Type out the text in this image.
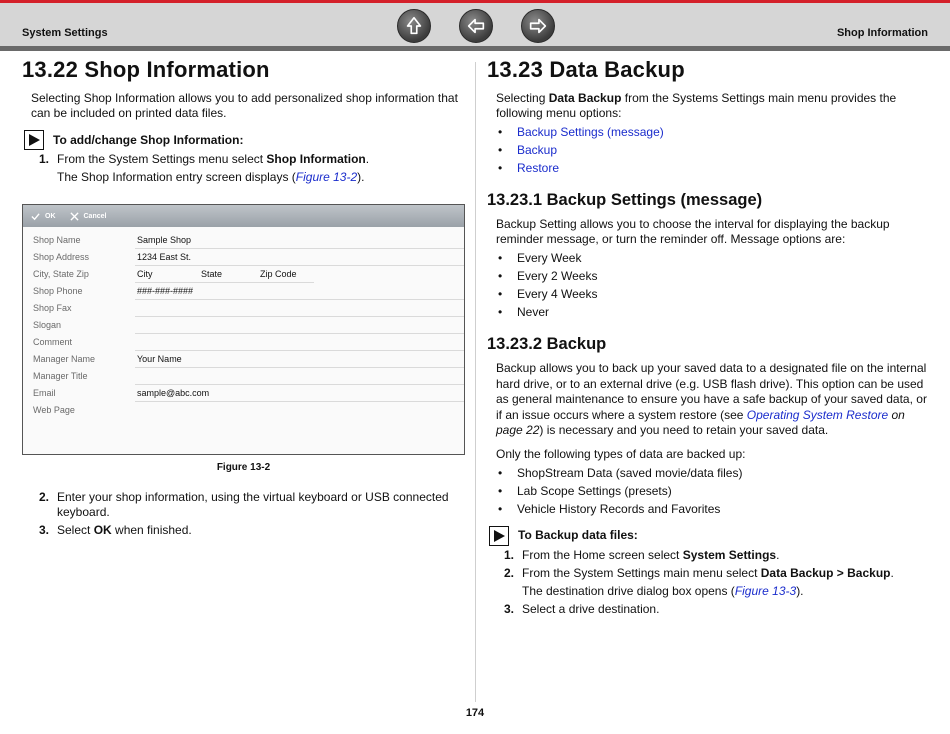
System Settings	Shop Information
13.22 Shop Information

Selecting Shop Information allows you to add personalized shop information that can be included on printed data files.

To add/change Shop Information:
1. From the System Settings menu select Shop Information.
The Shop Information entry screen displays (Figure 13-2).
OK	Cancel
Shop Name	Sample Shop
Shop Address	1234 East St.
City, State Zip	City	State	Zip Code
Shop Phone	###-###-####
Shop Fax
Slogan
Comment
Manager Name	Your Name
Manager Title
Email	sample@abc.com
Web Page
Figure 13-2
2. Enter your shop information, using the virtual keyboard or USB connected keyboard.
3. Select OK when finished.
13.23 Data Backup

Selecting Data Backup from the Systems Settings main menu provides the following menu options:

• Backup Settings (message)
• Backup
• Restore
13.23.1 Backup Settings (message)

Backup Setting allows you to choose the interval for displaying the backup reminder message, or turn the reminder off. Message options are:

• Every Week
• Every 2 Weeks
• Every 4 Weeks
• Never
13.23.2 Backup

Backup allows you to back up your saved data to a designated file on the internal hard drive, or to an external drive (e.g. USB flash drive). This option can be used as general maintenance to ensure you have a safe backup of your saved data, or if an issue occurs where a system restore (see Operating System Restore on page 22) is necessary and you need to retain your saved data.

Only the following types of data are backed up:

• ShopStream Data (saved movie/data files)
• Lab Scope Settings (presets)
• Vehicle History Records and Favorites
To Backup data files:
1. From the Home screen select System Settings.
2. From the System Settings main menu select Data Backup > Backup.
The destination drive dialog box opens (Figure 13-3).
3. Select a drive destination.
174
